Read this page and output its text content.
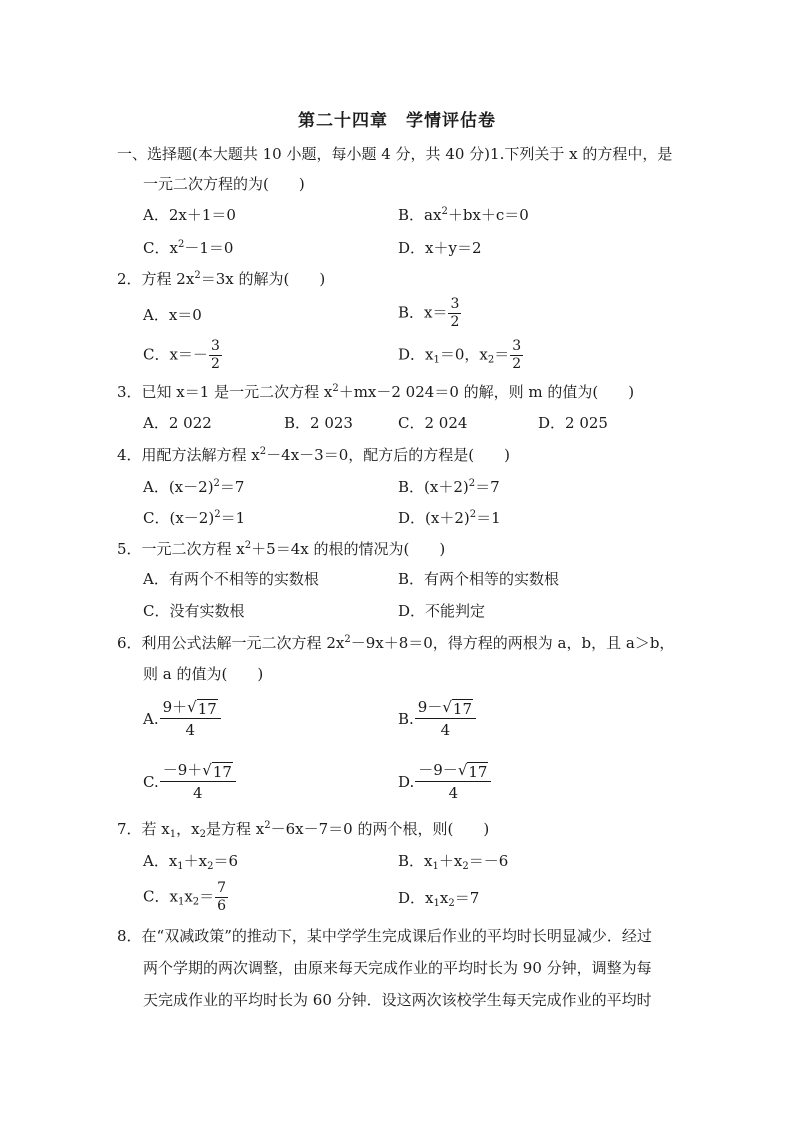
第二十四章　学情评估卷
一、选择题(本大题共 10 小题，每小题 4 分，共 40 分)1.下列关于 x 的方程中，是
一元二次方程的为(　　)
A．2x＋1＝0	B．$ax^2+bx+c=0$
C．$x^2-1=0$	D．x＋y＝2
2．方程 $2x^2=3x$ 的解为(　　)
A．x＝0	B．$x= \frac{3}{2}$
C．$x=- \frac{3}{2}$	D．$x_1=0$，$x_2= \frac{3}{2}$
3．已知 x＝1 是一元二次方程 $x^2+mx-2$ 024＝0 的解，则 m 的值为(　　)
A．2 022	B．2 023	C．2 024	D．2 025
4．用配方法解方程 $x^2-4x-3=0$，配方后的方程是(　　)
A．$(x-2)^2=7$	B．$(x+2)^2=7$
C．$(x-2)^2=1$	D．$(x+2)^2=1$
5．一元二次方程 $x^2+5=4x$ 的根的情况为(　　)
A．有两个不相等的实数根	B．有两个相等的实数根
C．没有实数根	D．不能判定
6．利用公式法解一元二次方程 $2x^2-9x+8=0$，得方程的两根为 a，b，且 a＞b，
则 a 的值为(　　)
A. $\frac{9+ √ 17}{4}$	B. $\frac{9- √ 17}{4}$
C. $\frac{-9+ √ 17}{4}$	D. $\frac{-9- √ 17}{4}$
7．若 $x_1$，$x_2$是方程 $x^2-6x-7=0$ 的两个根，则(　　)
A．$x_1+x_2=6$	B．$x_1+x_2=-6$
C．$x_1x_2= \frac{7}{6}$	D．$x_1x_2=7$
8．在“双减政策”的推动下，某中学学生完成课后作业的平均时长明显减少．经过
两个学期的两次调整，由原来每天完成作业的平均时长为 90 分钟，调整为每
天完成作业的平均时长为 60 分钟．设这两次该校学生每天完成作业的平均时
